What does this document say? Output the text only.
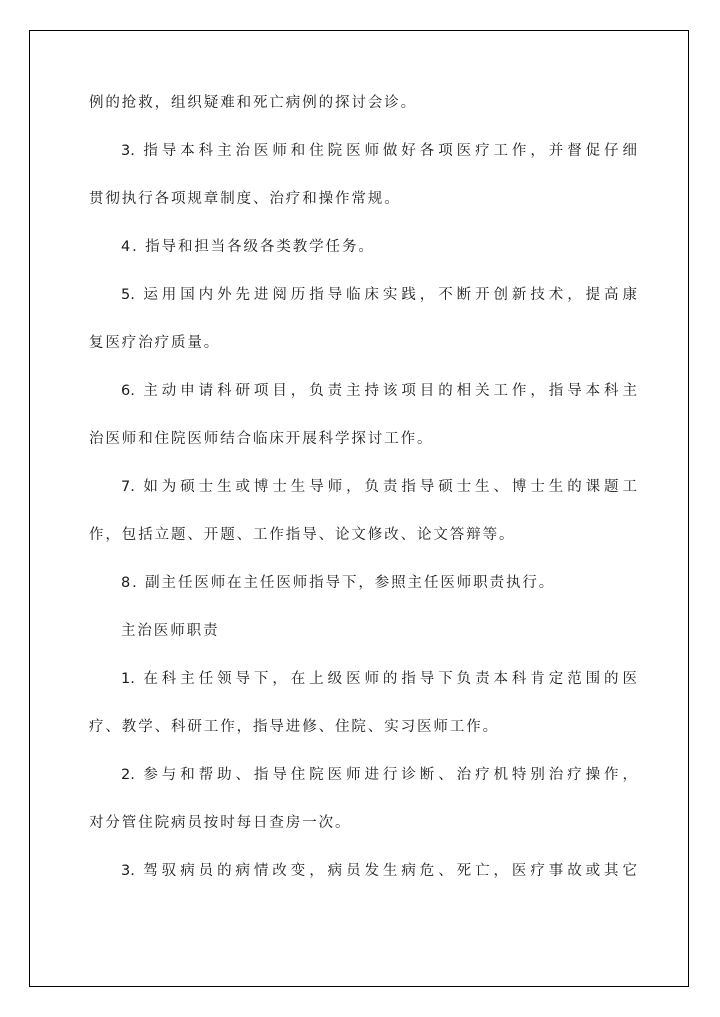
例的抢救，组织疑难和死亡病例的探讨会诊。
3. 指导本科主治医师和住院医师做好各项医疗工作，并督促仔细
贯彻执行各项规章制度、治疗和操作常规。
4. 指导和担当各级各类教学任务。
5. 运用国内外先进阅历指导临床实践，不断开创新技术，提高康
复医疗治疗质量。
6. 主动申请科研项目，负责主持该项目的相关工作，指导本科主
治医师和住院医师结合临床开展科学探讨工作。
7. 如为硕士生或博士生导师，负责指导硕士生、博士生的课题工
作，包括立题、开题、工作指导、论文修改、论文答辩等。
8. 副主任医师在主任医师指导下，参照主任医师职责执行。
主治医师职责
1. 在科主任领导下，在上级医师的指导下负责本科肯定范围的医
疗、教学、科研工作，指导进修、住院、实习医师工作。
2. 参与和帮助、指导住院医师进行诊断、治疗机特别治疗操作，
对分管住院病员按时每日查房一次。
3. 驾驭病员的病情改变，病员发生病危、死亡，医疗事故或其它
